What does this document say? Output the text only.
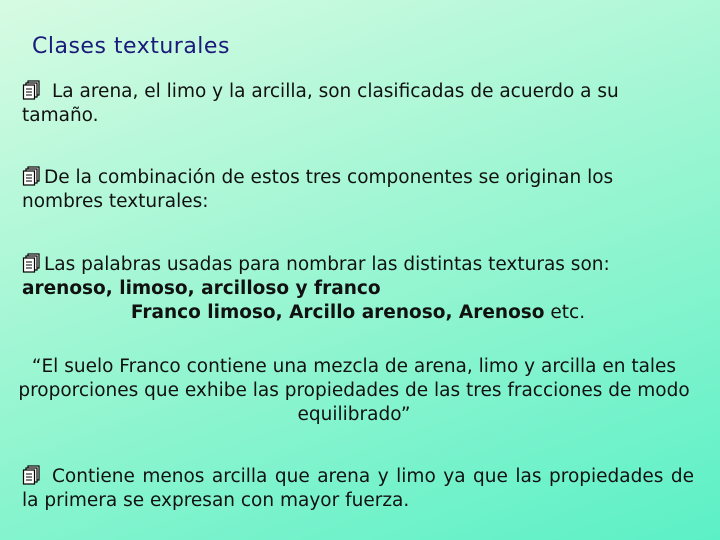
Clases texturales
La arena, el limo y la arcilla, son clasificadas de acuerdo a su tamaño.
De la combinación de estos tres componentes se originan los nombres texturales:
Las palabras usadas para nombrar las distintas texturas son: arenoso, limoso, arcilloso y franco
Franco limoso, Arcillo arenoso, Arenoso etc.
“El suelo Franco contiene una mezcla de arena, limo y arcilla en tales proporciones que exhibe las propiedades de las tres fracciones de modo equilibrado”
Contiene menos arcilla que arena y limo ya que las propiedades de la primera se expresan con mayor fuerza.
